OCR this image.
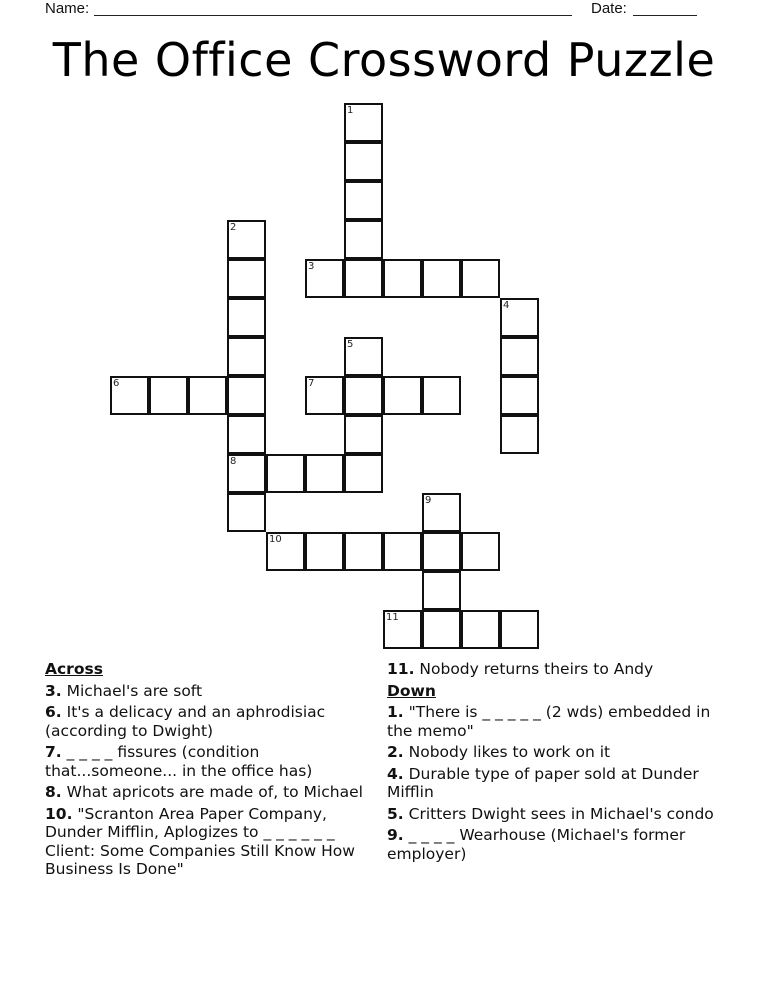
Name:	Date:
The Office Crossword Puzzle
1
2
8
3
4
5
6	7
9
10
11
Across
3. Michael's are soft
6. It's a delicacy and an aphrodisiac (according to Dwight)
7. _ _ _ _ fissures (condition that...someone... in the office has)
8. What apricots are made of, to Michael
10. "Scranton Area Paper Company, Dunder Mifflin, Aplogizes to _ _ _ _ _ _ Client: Some Companies Still Know How Business Is Done"
11. Nobody returns theirs to Andy
Down
1. "There is _ _ _ _ _ (2 wds) embedded in the memo"
2. Nobody likes to work on it
4. Durable type of paper sold at Dunder Mifflin
5. Critters Dwight sees in Michael's condo
9. _ _ _ _ Wearhouse (Michael's former employer)
